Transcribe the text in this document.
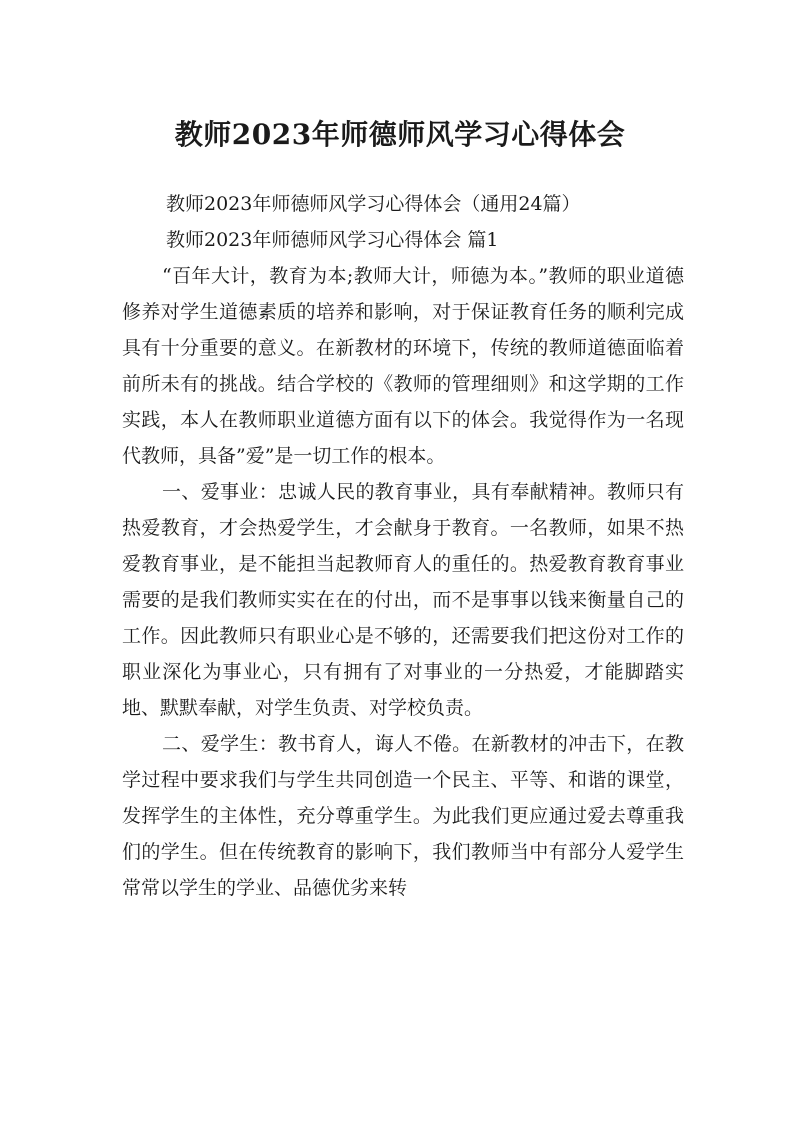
教师2023年师德师风学习心得体会

教师2023年师德师风学习心得体会（通用24篇）

教师2023年师德师风学习心得体会 篇1

“百年大计，教育为本;教师大计，师德为本。”教师的职业道德修养对学生道德素质的培养和影响，对于保证教育任务的顺利完成具有十分重要的意义。在新教材的环境下，传统的教师道德面临着前所未有的挑战。结合学校的《教师的管理细则》和这学期的工作实践，本人在教师职业道德方面有以下的体会。我觉得作为一名现代教师，具备”爱”是一切工作的根本。

一、爱事业：忠诚人民的教育事业，具有奉献精神。教师只有热爱教育，才会热爱学生，才会献身于教育。一名教师，如果不热爱教育事业，是不能担当起教师育人的重任的。热爱教育教育事业需要的是我们教师实实在在的付出，而不是事事以钱来衡量自己的工作。因此教师只有职业心是不够的，还需要我们把这份对工作的职业深化为事业心，只有拥有了对事业的一分热爱，才能脚踏实地、默默奉献，对学生负责、对学校负责。

二、爱学生：教书育人，诲人不倦。在新教材的冲击下，在教学过程中要求我们与学生共同创造一个民主、平等、和谐的课堂，发挥学生的主体性，充分尊重学生。为此我们更应通过爱去尊重我们的学生。但在传统教育的影响下，我们教师当中有部分人爱学生常常以学生的学业、品德优劣来转
